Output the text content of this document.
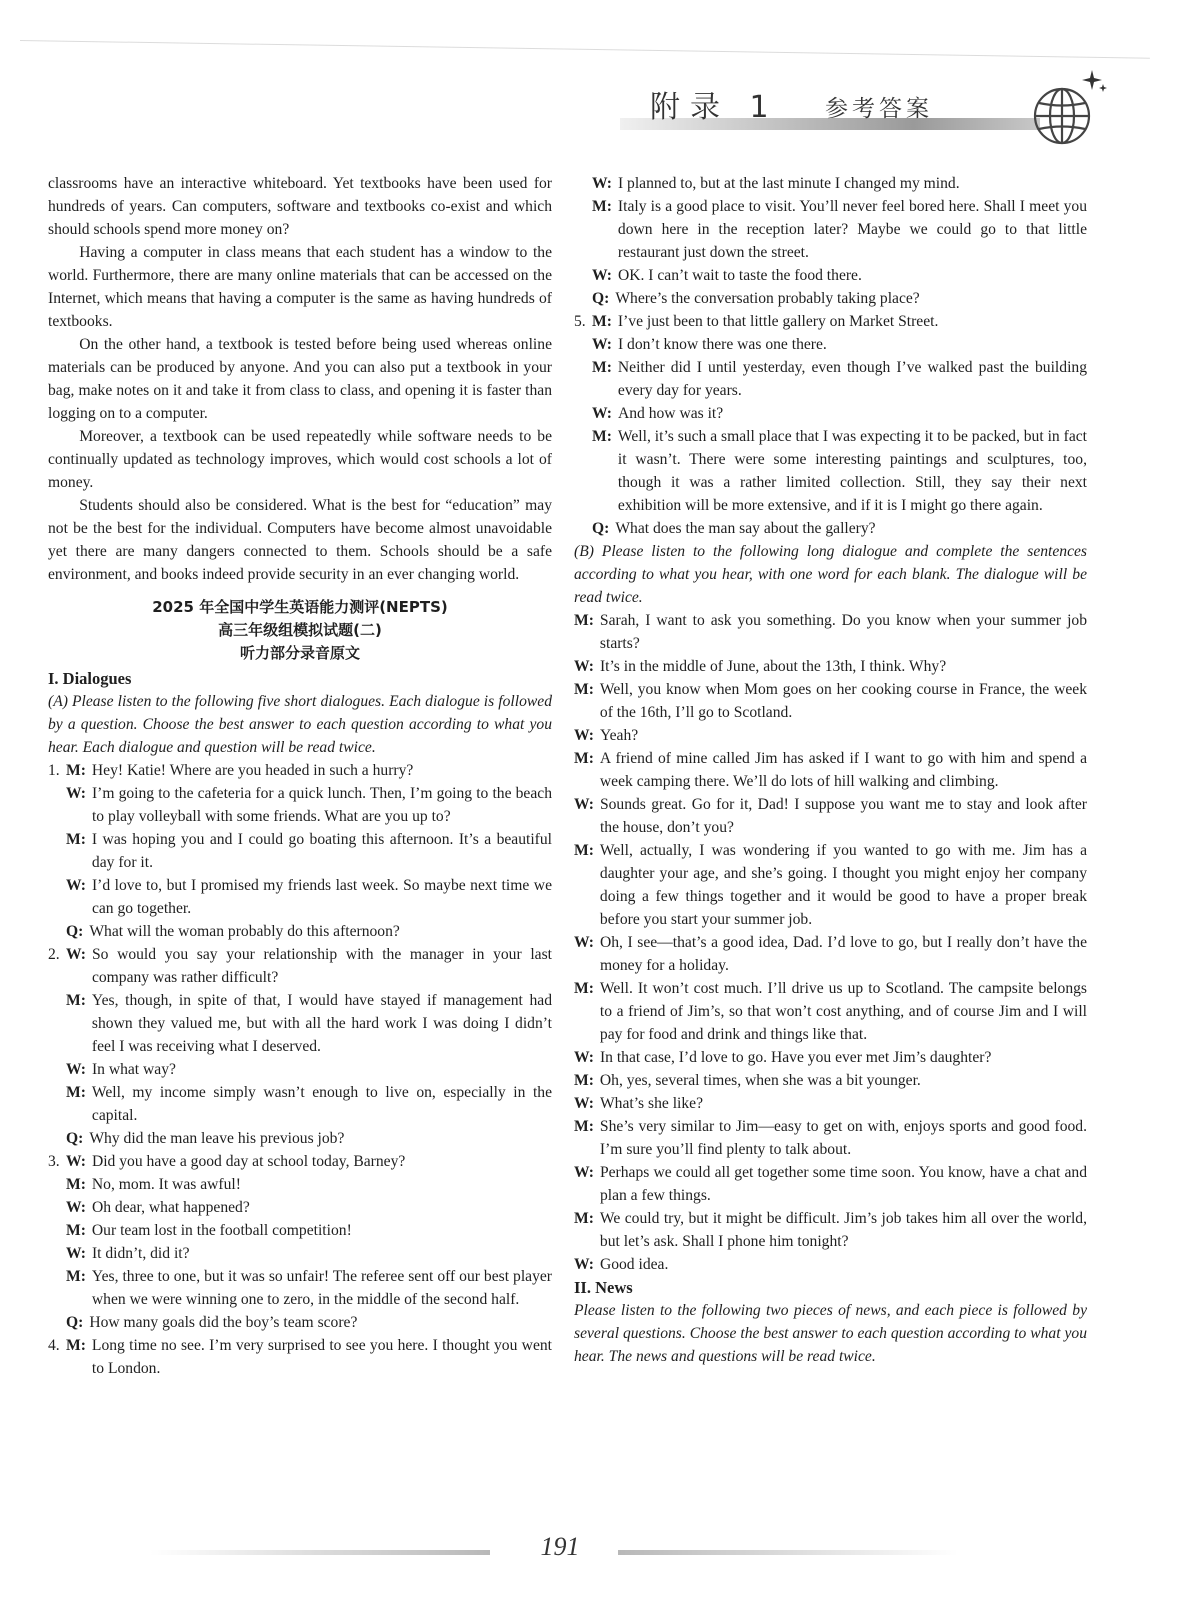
附录 1 参考答案

classrooms have an interactive whiteboard. Yet textbooks have been used for hundreds of years. Can computers, software and textbooks co-exist and which should schools spend more money on?

Having a computer in class means that each student has a window to the world. Furthermore, there are many online materials that can be accessed on the Internet, which means that having a computer is the same as having hundreds of textbooks.

On the other hand, a textbook is tested before being used whereas online materials can be produced by anyone. And you can also put a textbook in your bag, make notes on it and take it from class to class, and opening it is faster than logging on to a computer.

Moreover, a textbook can be used repeatedly while software needs to be continually updated as technology improves, which would cost schools a lot of money.

Students should also be considered. What is the best for “education” may not be the best for the individual. Computers have become almost unavoidable yet there are many dangers connected to them. Schools should be a safe environment, and books indeed provide security in an ever changing world.

2025 年全国中学生英语能力测评(NEPTS)
高三年级组模拟试题(二)
听力部分录音原文
I. Dialogues

(A) Please listen to the following five short dialogues. Each dialogue is followed by a question. Choose the best answer to each question according to what you hear. Each dialogue and question will be read twice.

1. M: Hey! Katie! Where are you headed in such a hurry?
W: I’m going to the cafeteria for a quick lunch. Then, I’m going to the beach to play volleyball with some friends. What are you up to?
M: I was hoping you and I could go boating this afternoon. It’s a beautiful day for it.
W: I’d love to, but I promised my friends last week. So maybe next time we can go together.
Q: What will the woman probably do this afternoon?
2. W: So would you say your relationship with the manager in your last company was rather difficult?
M: Yes, though, in spite of that, I would have stayed if management had shown they valued me, but with all the hard work I was doing I didn’t feel I was receiving what I deserved.
W: In what way?
M: Well, my income simply wasn’t enough to live on, especially in the capital.
Q: Why did the man leave his previous job?
3. W: Did you have a good day at school today, Barney?
M: No, mom. It was awful!
W: Oh dear, what happened?
M: Our team lost in the football competition!
W: It didn’t, did it?
M: Yes, three to one, but it was so unfair! The referee sent off our best player when we were winning one to zero, in the middle of the second half.
Q: How many goals did the boy’s team score?
4. M: Long time no see. I’m very surprised to see you here. I thought you went to London.
W: I planned to, but at the last minute I changed my mind.
M: Italy is a good place to visit. You’ll never feel bored here. Shall I meet you down here in the reception later? Maybe we could go to that little restaurant just down the street.
W: OK. I can’t wait to taste the food there.
Q: Where’s the conversation probably taking place?
5. M: I’ve just been to that little gallery on Market Street.
W: I don’t know there was one there.
M: Neither did I until yesterday, even though I’ve walked past the building every day for years.
W: And how was it?
M: Well, it’s such a small place that I was expecting it to be packed, but in fact it wasn’t. There were some interesting paintings and sculptures, too, though it was a rather limited collection. Still, they say their next exhibition will be more extensive, and if it is I might go there again.
Q: What does the man say about the gallery?

(B) Please listen to the following long dialogue and complete the sentences according to what you hear, with one word for each blank. The dialogue will be read twice.

M: Sarah, I want to ask you something. Do you know when your summer job starts?
W: It’s in the middle of June, about the 13th, I think. Why?
M: Well, you know when Mom goes on her cooking course in France, the week of the 16th, I’ll go to Scotland.
W: Yeah?
M: A friend of mine called Jim has asked if I want to go with him and spend a week camping there. We’ll do lots of hill walking and climbing.
W: Sounds great. Go for it, Dad! I suppose you want me to stay and look after the house, don’t you?
M: Well, actually, I was wondering if you wanted to go with me. Jim has a daughter your age, and she’s going. I thought you might enjoy her company doing a few things together and it would be good to have a proper break before you start your summer job.
W: Oh, I see—that’s a good idea, Dad. I’d love to go, but I really don’t have the money for a holiday.
M: Well. It won’t cost much. I’ll drive us up to Scotland. The campsite belongs to a friend of Jim’s, so that won’t cost anything, and of course Jim and I will pay for food and drink and things like that.
W: In that case, I’d love to go. Have you ever met Jim’s daughter?
M: Oh, yes, several times, when she was a bit younger.
W: What’s she like?
M: She’s very similar to Jim—easy to get on with, enjoys sports and good food. I’m sure you’ll find plenty to talk about.
W: Perhaps we could all get together some time soon. You know, have a chat and plan a few things.
M: We could try, but it might be difficult. Jim’s job takes him all over the world, but let’s ask. Shall I phone him tonight?
W: Good idea.
II. News

Please listen to the following two pieces of news, and each piece is followed by several questions. Choose the best answer to each question according to what you hear. The news and questions will be read twice.

191
